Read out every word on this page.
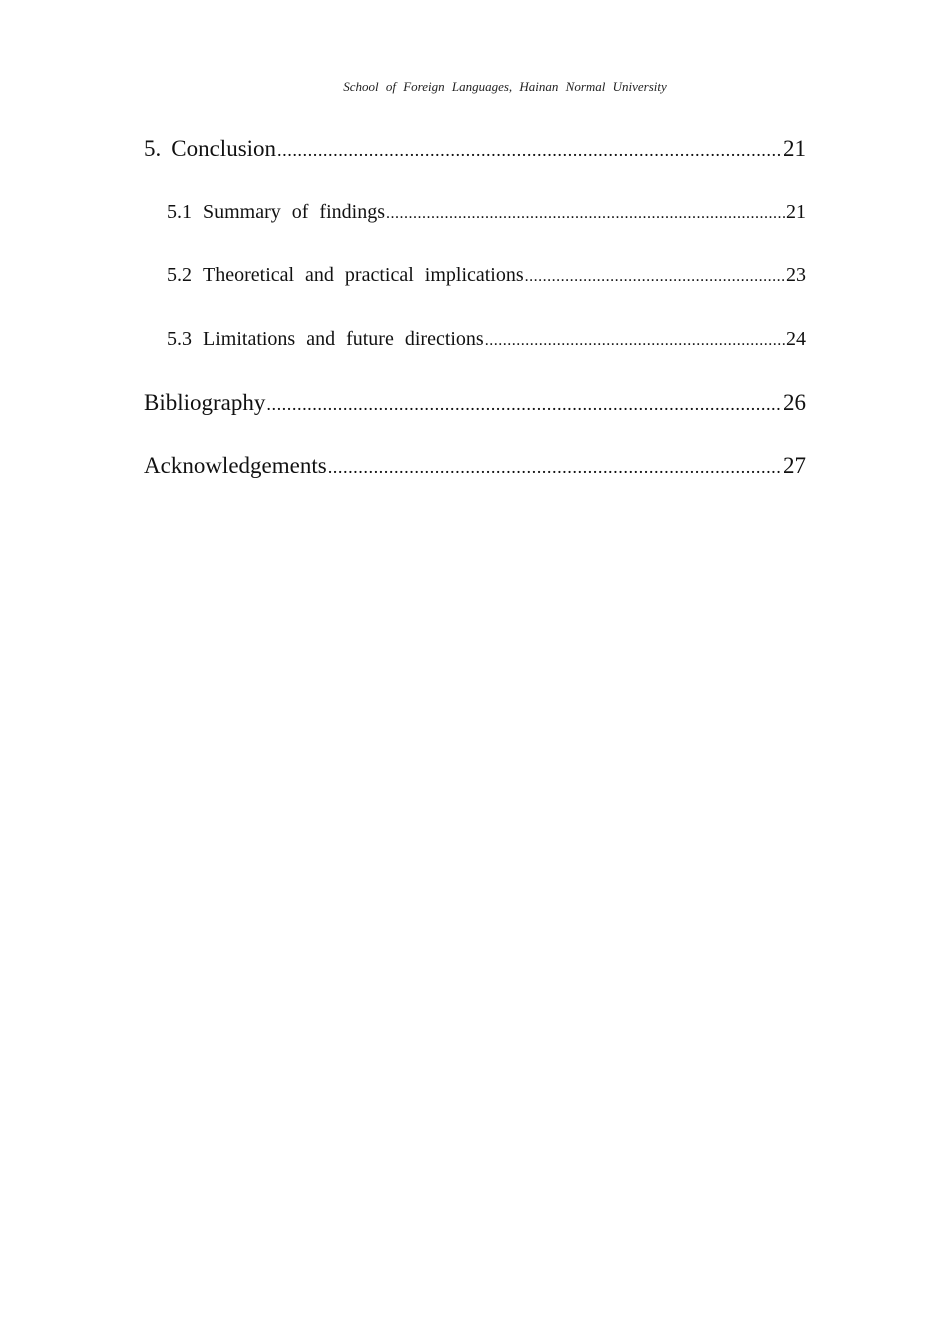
School of Foreign Languages, Hainan Normal University
5. Conclusion .....	21
5.1 Summary of findings .....	21
5.2 Theoretical and practical implications .....	23
5.3 Limitations and future directions .....	24
Bibliography .....	26
Acknowledgements .....	27
